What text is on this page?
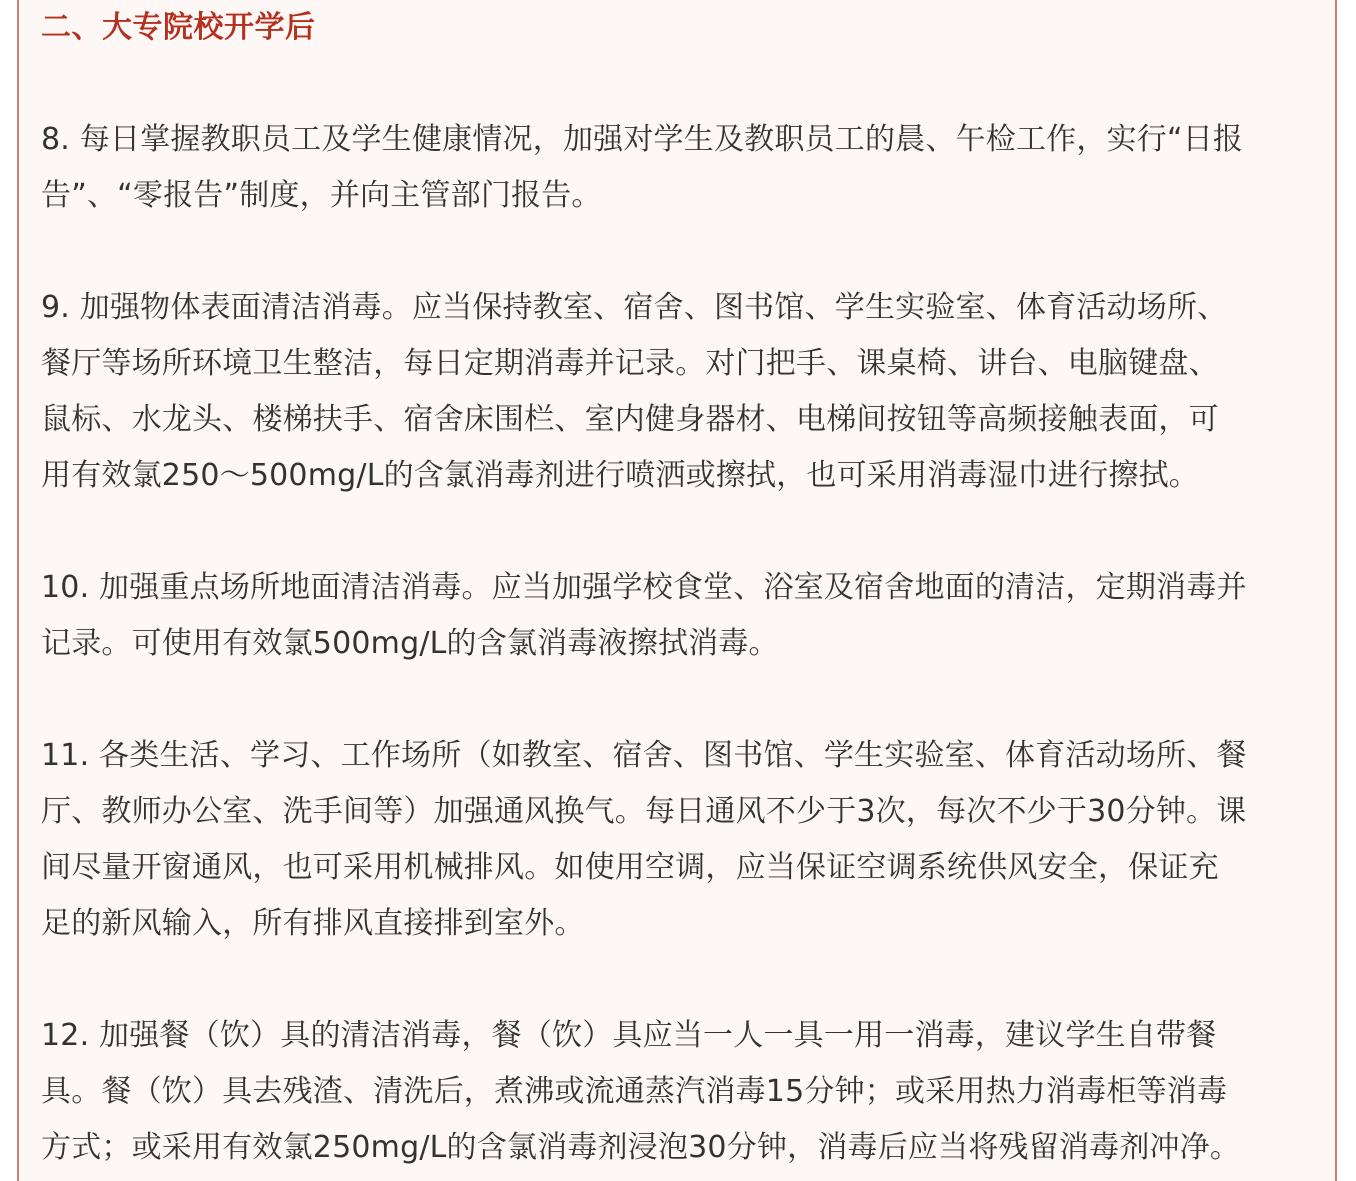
二、大专院校开学后

8. 每日掌握教职员工及学生健康情况，加强对学生及教职员工的晨、午检工作，实行“日报
告”、“零报告”制度，并向主管部门报告。

9. 加强物体表面清洁消毒。应当保持教室、宿舍、图书馆、学生实验室、体育活动场所、
餐厅等场所环境卫生整洁，每日定期消毒并记录。对门把手、课桌椅、讲台、电脑键盘、
鼠标、水龙头、楼梯扶手、宿舍床围栏、室内健身器材、电梯间按钮等高频接触表面，可
用有效氯250～500mg/L的含氯消毒剂进行喷洒或擦拭，也可采用消毒湿巾进行擦拭。

10. 加强重点场所地面清洁消毒。应当加强学校食堂、浴室及宿舍地面的清洁，定期消毒并
记录。可使用有效氯500mg/L的含氯消毒液擦拭消毒。

11. 各类生活、学习、工作场所（如教室、宿舍、图书馆、学生实验室、体育活动场所、餐
厅、教师办公室、洗手间等）加强通风换气。每日通风不少于3次，每次不少于30分钟。课
间尽量开窗通风，也可采用机械排风。如使用空调，应当保证空调系统供风安全，保证充
足的新风输入，所有排风直接排到室外。

12. 加强餐（饮）具的清洁消毒，餐（饮）具应当一人一具一用一消毒，建议学生自带餐
具。餐（饮）具去残渣、清洗后，煮沸或流通蒸汽消毒15分钟；或采用热力消毒柜等消毒
方式；或采用有效氯250mg/L的含氯消毒剂浸泡30分钟，消毒后应当将残留消毒剂冲净。
